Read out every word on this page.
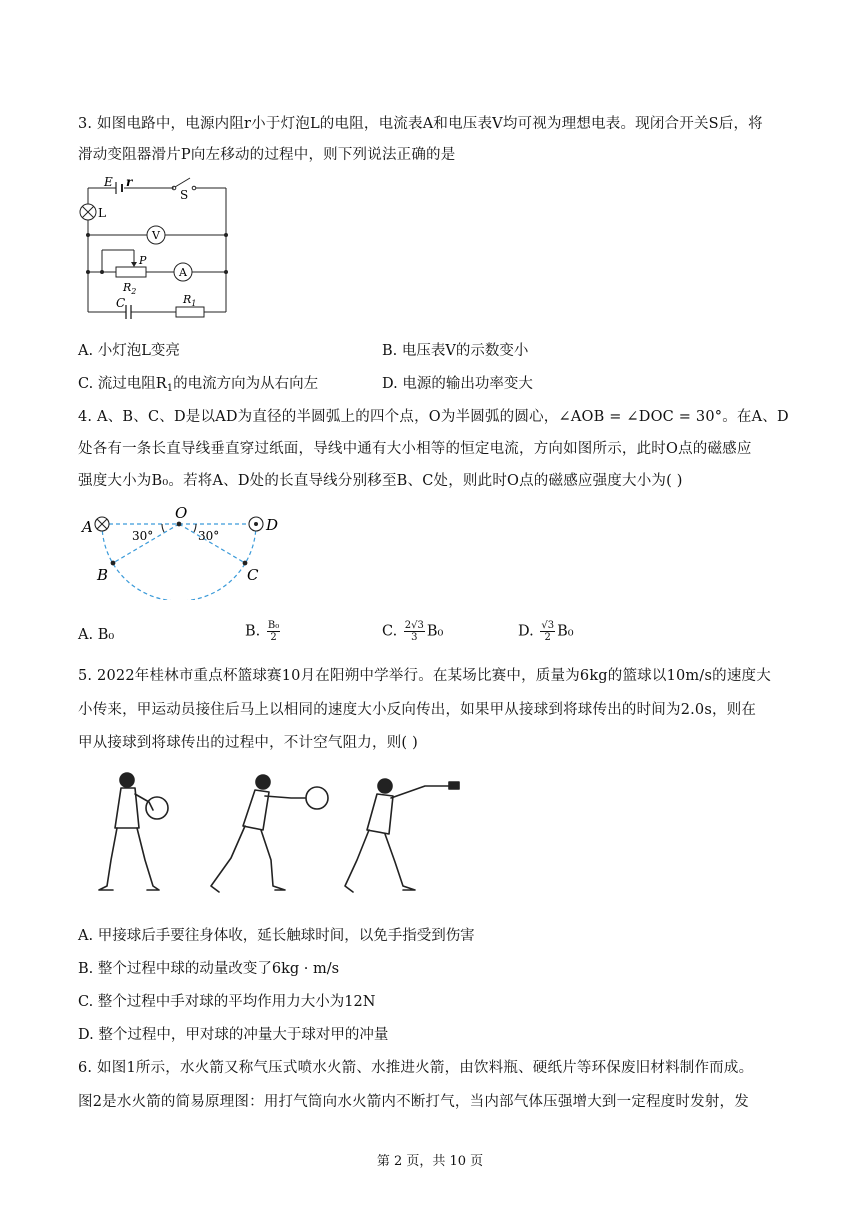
3. 如图电路中，电源内阻r小于灯泡L的电阻，电流表A和电压表V均可视为理想电表。现闭合开关S后，将
滑动变阻器滑片P向左移动的过程中，则下列说法正确的是
E r
S
L
V
A
P
$R_2$
C	$R_1$
A. 小灯泡L变亮	B. 电压表V的示数变小
C. 流过电阻$R_1$的电流方向为从右向左	D. 电源的输出功率变大
4. A、B、C、D是以AD为直径的半圆弧上的四个点，O为半圆弧的圆心，∠AOB = ∠DOC = 30°。在A、D
处各有一条长直导线垂直穿过纸面，导线中通有大小相等的恒定电流，方向如图所示，此时O点的磁感应
强度大小为B₀。若将A、D处的长直导线分别移至B、C处，则此时O点的磁感应强度大小为( )
A	D
O
B	C
30°	30°
A. B₀	B. $\frac{\text{B₀}}{2}$	C. $\frac{2√3}{3} B_0$	D. $\frac{√3}{2} B_0$
5. 2022年桂林市重点杯篮球赛10月在阳朔中学举行。在某场比赛中，质量为6kg的篮球以10m/s的速度大
小传来，甲运动员接住后马上以相同的速度大小反向传出，如果甲从接球到将球传出的时间为2.0s，则在
甲从接球到将球传出的过程中，不计空气阻力，则( )
A. 甲接球后手要往身体收，延长触球时间，以免手指受到伤害
B. 整个过程中球的动量改变了6kg · m/s
C. 整个过程中手对球的平均作用力大小为12N
D. 整个过程中，甲对球的冲量大于球对甲的冲量
6. 如图1所示，水火箭又称气压式喷水火箭、水推进火箭，由饮料瓶、硬纸片等环保废旧材料制作而成。
图2是水火箭的简易原理图：用打气筒向水火箭内不断打气，当内部气体压强增大到一定程度时发射，发
第 2 页，共 10 页
